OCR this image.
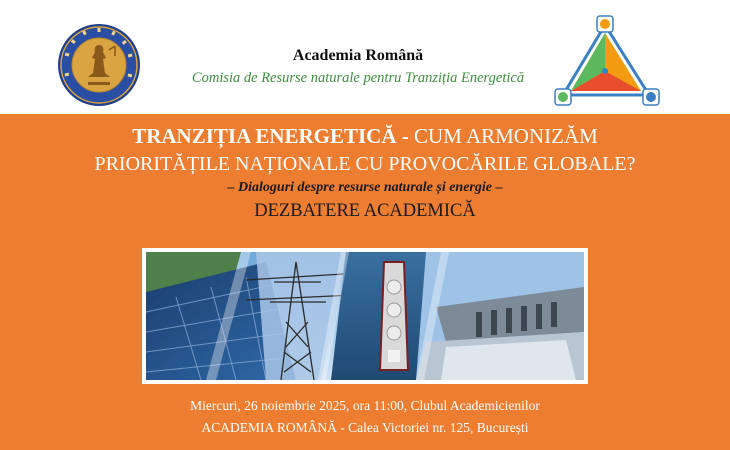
Academia Română
Comisia de Resurse naturale pentru Tranziția Energetică
TRANZIȚIA ENERGETICĂ - CUM ARMONIZĂM
PRIORITĂȚILE NAȚIONALE CU PROVOCĂRILE GLOBALE?
– Dialoguri despre resurse naturale și energie –
DEZBATERE ACADEMICĂ
Miercuri, 26 noiembrie 2025, ora 11:00, Clubul Academicienilor
ACADEMIA ROMÂNĂ - Calea Victoriei nr. 125, București
